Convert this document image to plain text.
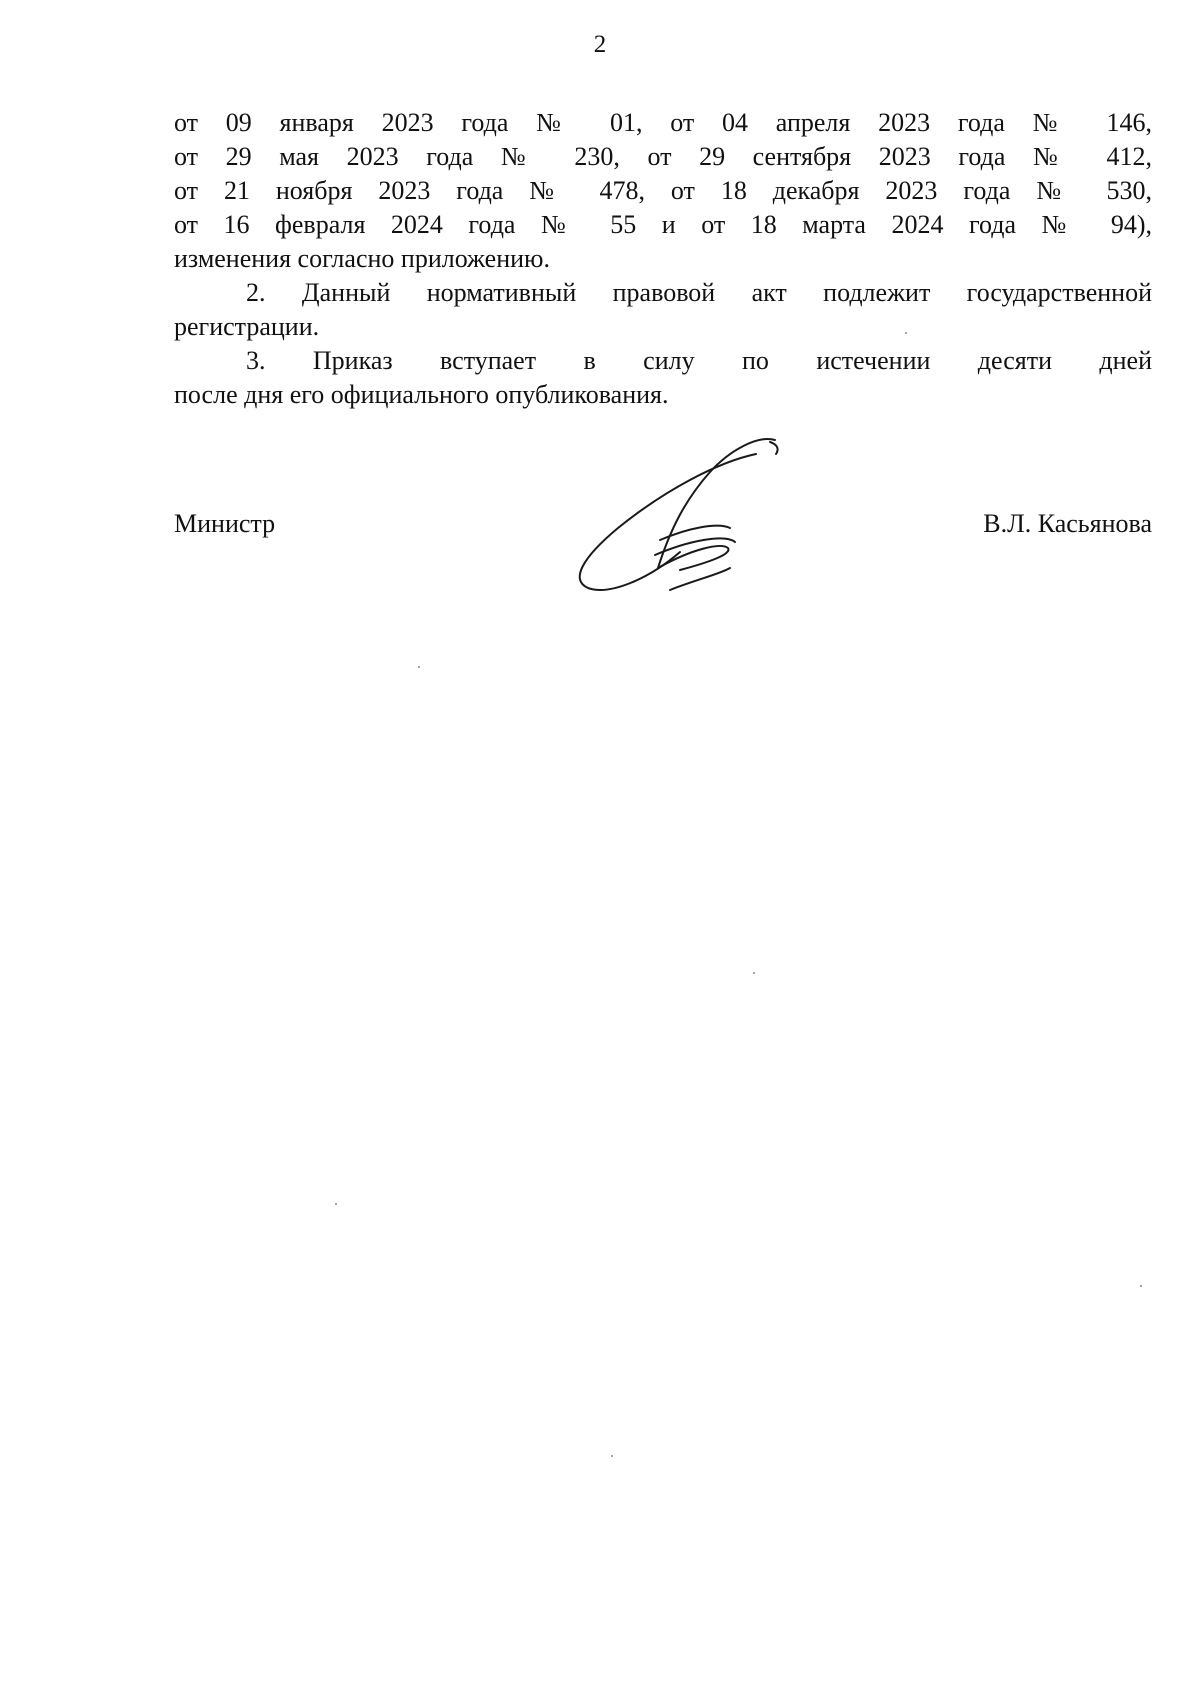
2
от 09 января 2023 года № 01, от 04 апреля 2023 года № 146,
от 29 мая 2023 года № 230, от 29 сентября 2023 года № 412,
от 21 ноября 2023 года № 478, от 18 декабря 2023 года № 530,
от 16 февраля 2024 года № 55 и от 18 марта 2024 года № 94),
изменения согласно приложению.
2. Данный нормативный правовой акт подлежит государственной
регистрации.
3. Приказ вступает в силу по истечении десяти дней
после дня его официального опубликования.
Министр	В.Л. Касьянова
